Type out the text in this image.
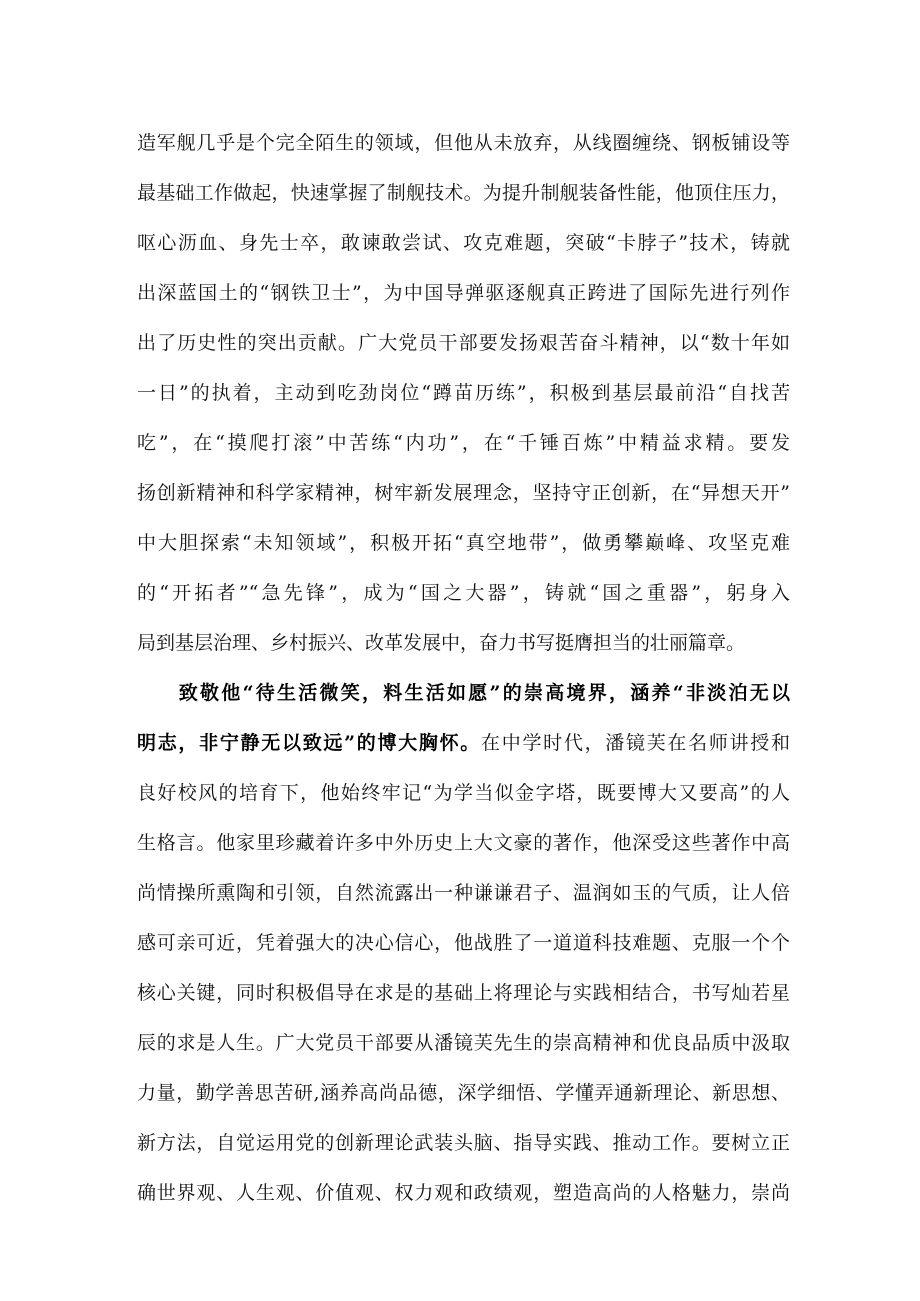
造军舰几乎是个完全陌生的领域，但他从未放弃，从线圈缠绕、钢板铺设等
最基础工作做起，快速掌握了制舰技术。为提升制舰装备性能，他顶住压力，
呕心沥血、身先士卒，敢谏敢尝试、攻克难题，突破“卡脖子”技术，铸就
出深蓝国土的“钢铁卫士”，为中国导弹驱逐舰真正跨进了国际先进行列作
出了历史性的突出贡献。广大党员干部要发扬艰苦奋斗精神，以“数十年如
一日”的执着，主动到吃劲岗位“蹲苗历练”，积极到基层最前沿“自找苦
吃”，在“摸爬打滚”中苦练“内功”，在“千锤百炼”中精益求精。要发
扬创新精神和科学家精神，树牢新发展理念，坚持守正创新，在“异想天开”
中大胆探索“未知领域”，积极开拓“真空地带”，做勇攀巅峰、攻坚克难
的“开拓者”“急先锋”，成为“国之大器”，铸就“国之重器”，躬身入
局到基层治理、乡村振兴、改革发展中，奋力书写挺膺担当的壮丽篇章。
致敬他“待生活微笑，料生活如愿”的崇高境界，涵养“非淡泊无以
明志，非宁静无以致远”的博大胸怀。在中学时代，潘镜芙在名师讲授和
良好校风的培育下，他始终牢记“为学当似金字塔，既要博大又要高”的人
生格言。他家里珍藏着许多中外历史上大文豪的著作，他深受这些著作中高
尚情操所熏陶和引领，自然流露出一种谦谦君子、温润如玉的气质，让人倍
感可亲可近，凭着强大的决心信心，他战胜了一道道科技难题、克服一个个
核心关键，同时积极倡导在求是的基础上将理论与实践相结合，书写灿若星
辰的求是人生。广大党员干部要从潘镜芙先生的崇高精神和优良品质中汲取
力量，勤学善思苦研,涵养高尚品德，深学细悟、学懂弄通新理论、新思想、
新方法，自觉运用党的创新理论武装头脑、指导实践、推动工作。要树立正
确世界观、人生观、价值观、权力观和政绩观，塑造高尚的人格魅力，崇尚
